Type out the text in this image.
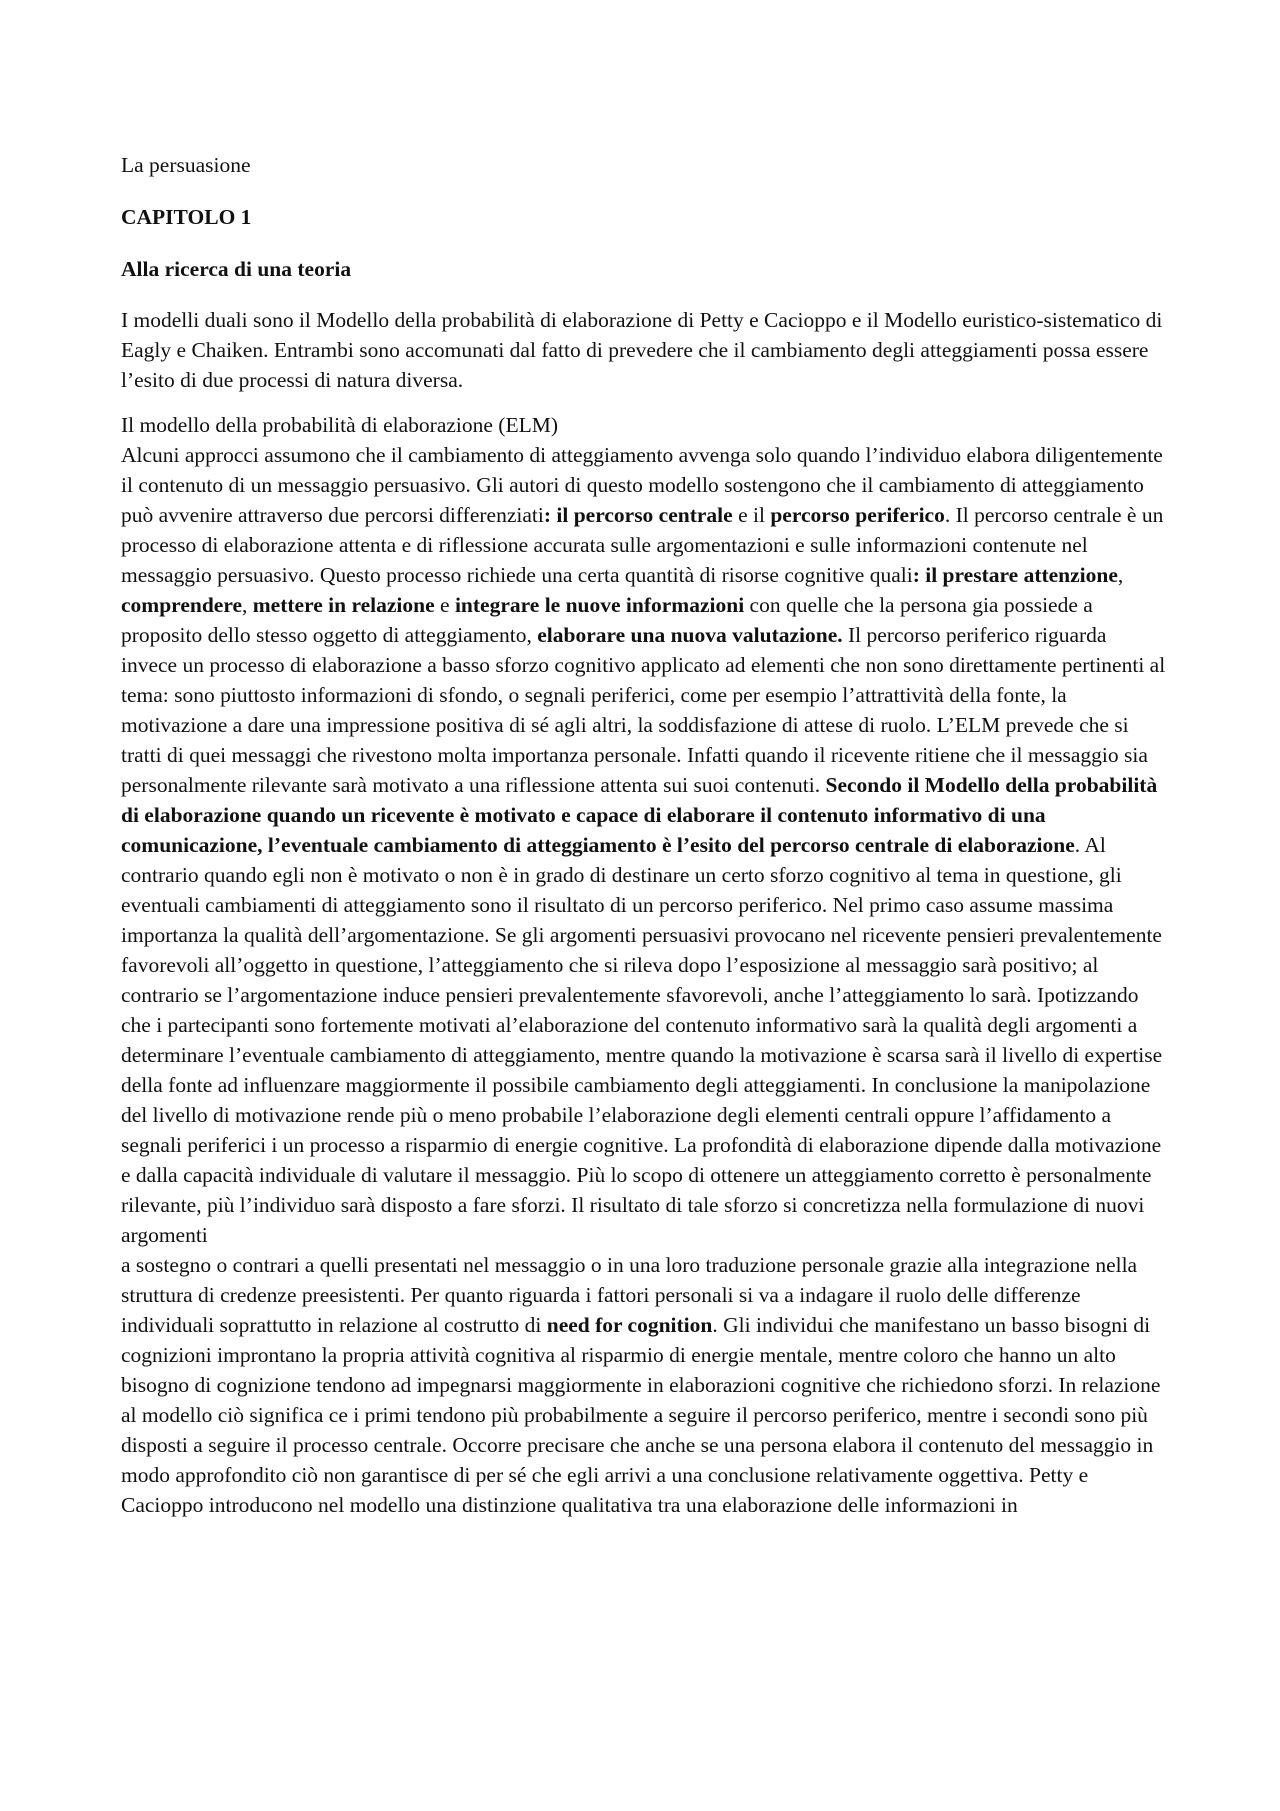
La persuasione

CAPITOLO 1

Alla ricerca di una teoria

I modelli duali sono il Modello della probabilità di elaborazione di Petty e Cacioppo e il Modello euristico-sistematico di Eagly e Chaiken. Entrambi sono accomunati dal fatto di prevedere che il cambiamento degli atteggiamenti possa essere l’esito di due processi di natura diversa.

Il modello della probabilità di elaborazione (ELM)

Alcuni approcci assumono che il cambiamento di atteggiamento avvenga solo quando l’individuo elabora diligentemente il contenuto di un messaggio persuasivo. Gli autori di questo modello sostengono che il cambiamento di atteggiamento può avvenire attraverso due percorsi differenziati: il percorso centrale e il percorso periferico. Il percorso centrale è un processo di elaborazione attenta e di riflessione accurata sulle argomentazioni e sulle informazioni contenute nel messaggio persuasivo. Questo processo richiede una certa quantità di risorse cognitive quali: il prestare attenzione, comprendere, mettere in relazione e integrare le nuove informazioni con quelle che la persona gia possiede a proposito dello stesso oggetto di atteggiamento, elaborare una nuova valutazione. Il percorso periferico riguarda invece un processo di elaborazione a basso sforzo cognitivo applicato ad elementi che non sono direttamente pertinenti al tema: sono piuttosto informazioni di sfondo, o segnali periferici, come per esempio l’attrattività della fonte, la motivazione a dare una impressione positiva di sé agli altri, la soddisfazione di attese di ruolo. L’ELM prevede che si tratti di quei messaggi che rivestono molta importanza personale. Infatti quando il ricevente ritiene che il messaggio sia personalmente rilevante sarà motivato a una riflessione attenta sui suoi contenuti. Secondo il Modello della probabilità di elaborazione quando un ricevente è motivato e capace di elaborare il contenuto informativo di una comunicazione, l’eventuale cambiamento di atteggiamento è l’esito del percorso centrale di elaborazione. Al contrario quando egli non è motivato o non è in grado di destinare un certo sforzo cognitivo al tema in questione, gli eventuali cambiamenti di atteggiamento sono il risultato di un percorso periferico. Nel primo caso assume massima importanza la qualità dell’argomentazione. Se gli argomenti persuasivi provocano nel ricevente pensieri prevalentemente favorevoli all’oggetto in questione, l’atteggiamento che si rileva dopo l’esposizione al messaggio sarà positivo; al contrario se l’argomentazione induce pensieri prevalentemente sfavorevoli, anche l’atteggiamento lo sarà. Ipotizzando che i partecipanti sono fortemente motivati al’elaborazione del contenuto informativo sarà la qualità degli argomenti a determinare l’eventuale cambiamento di atteggiamento, mentre quando la motivazione è scarsa sarà il livello di expertise della fonte ad influenzare maggiormente il possibile cambiamento degli atteggiamenti. In conclusione la manipolazione del livello di motivazione rende più o meno probabile l’elaborazione degli elementi centrali oppure l’affidamento a segnali periferici i un processo a risparmio di energie cognitive. La profondità di elaborazione dipende dalla motivazione e dalla capacità individuale di valutare il messaggio. Più lo scopo di ottenere un atteggiamento corretto è personalmente rilevante, più l’individuo sarà disposto a fare sforzi. Il risultato di tale sforzo si concretizza nella formulazione di nuovi argomenti
a sostegno o contrari a quelli presentati nel messaggio o in una loro traduzione personale grazie alla integrazione nella struttura di credenze preesistenti. Per quanto riguarda i fattori personali si va a indagare il ruolo delle differenze individuali soprattutto in relazione al costrutto di need for cognition. Gli individui che manifestano un basso bisogni di cognizioni improntano la propria attività cognitiva al risparmio di energie mentale, mentre coloro che hanno un alto bisogno di cognizione tendono ad impegnarsi maggiormente in elaborazioni cognitive che richiedono sforzi. In relazione al modello ciò significa ce i primi tendono più probabilmente a seguire il percorso periferico, mentre i secondi sono più disposti a seguire il processo centrale. Occorre precisare che anche se una persona elabora il contenuto del messaggio in modo approfondito ciò non garantisce di per sé che egli arrivi a una conclusione relativamente oggettiva. Petty e Cacioppo introducono nel modello una distinzione qualitativa tra una elaborazione delle informazioni in
